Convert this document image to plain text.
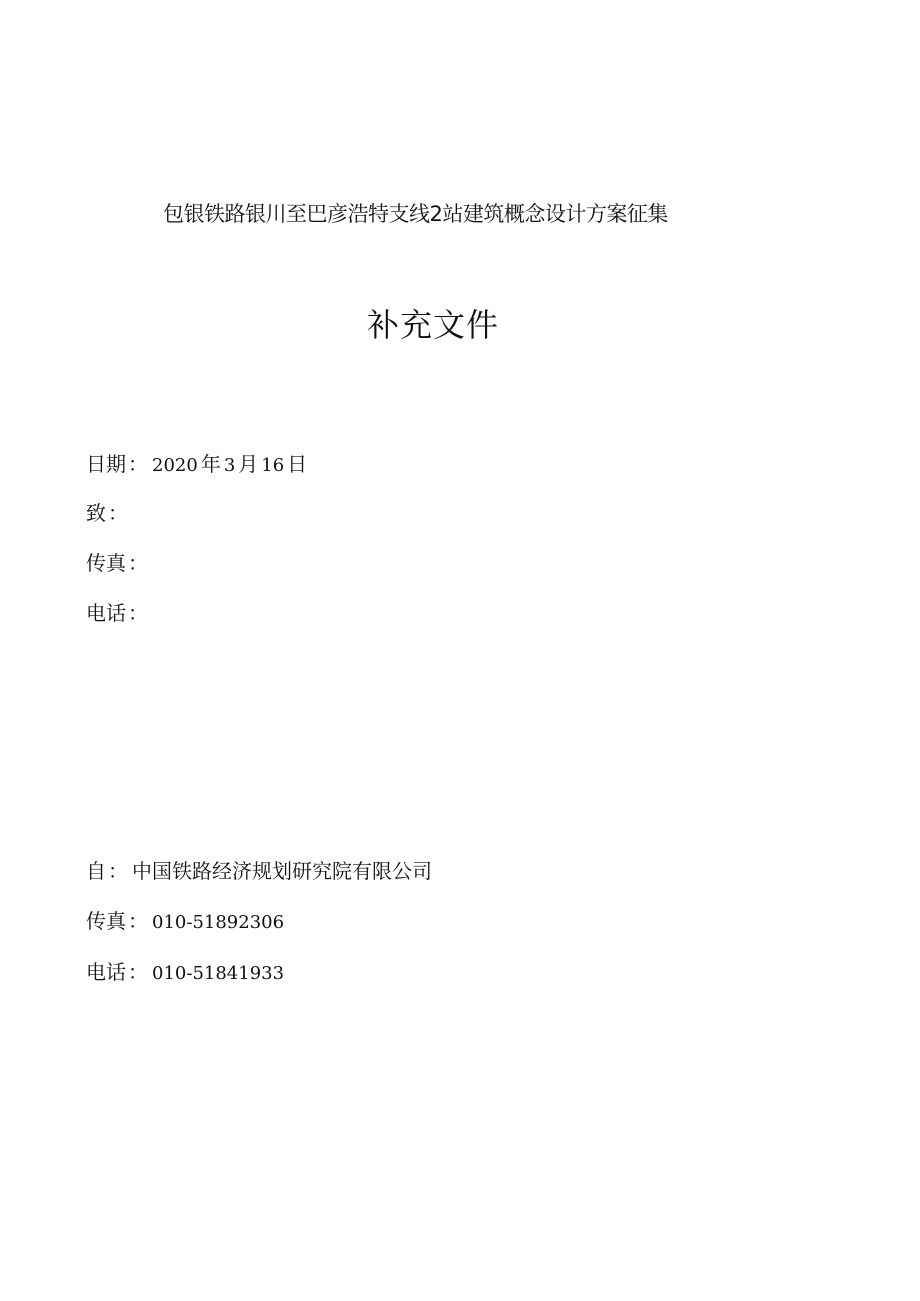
包银铁路银川至巴彦浩特支线2站建筑概念设计方案征集
补充文件
日期 ： 2020 年 3 月 16 日
致 ：
传真 ：
电话 ：
自 ： 中国铁路经济规划研究院有限公司
传真 ： 010-51892306
电话 ： 010-51841933
